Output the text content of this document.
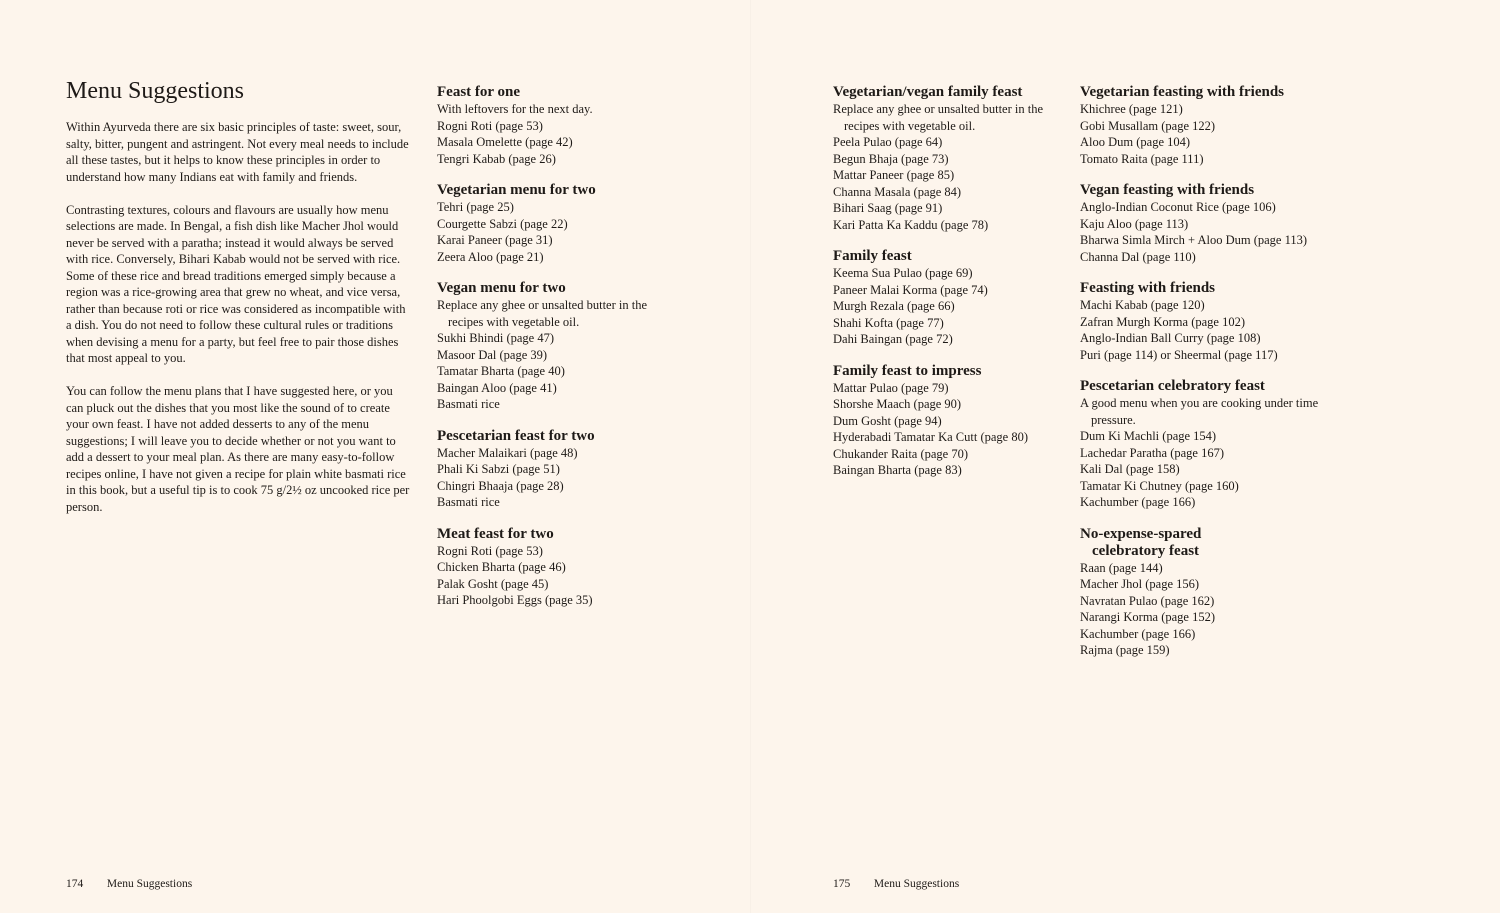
Menu Suggestions

Within Ayurveda there are six basic principles of taste: sweet, sour, salty, bitter, pungent and astringent. Not every meal needs to include all these tastes, but it helps to know these principles in order to understand how many Indians eat with family and friends.

Contrasting textures, colours and flavours are usually how menu selections are made. In Bengal, a fish dish like Macher Jhol would never be served with a paratha; instead it would always be served with rice. Conversely, Bihari Kabab would not be served with rice. Some of these rice and bread traditions emerged simply because a region was a rice-growing area that grew no wheat, and vice versa, rather than because roti or rice was considered as incompatible with a dish. You do not need to follow these cultural rules or traditions when devising a menu for a party, but feel free to pair those dishes that most appeal to you.

You can follow the menu plans that I have suggested here, or you can pluck out the dishes that you most like the sound of to create your own feast. I have not added desserts to any of the menu suggestions; I will leave you to decide whether or not you want to add a dessert to your meal plan. As there are many easy-to-follow recipes online, I have not given a recipe for plain white basmati rice in this book, but a useful tip is to cook 75 g/2½ oz uncooked rice per person.

Feast for one
With leftovers for the next day.
Rogni Roti (page 53)
Masala Omelette (page 42)
Tengri Kabab (page 26)
Vegetarian menu for two
Tehri (page 25)
Courgette Sabzi (page 22)
Karai Paneer (page 31)
Zeera Aloo (page 21)
Vegan menu for two
Replace any ghee or unsalted butter in the recipes with vegetable oil.
Sukhi Bhindi (page 47)
Masoor Dal (page 39)
Tamatar Bharta (page 40)
Baingan Aloo (page 41)
Basmati rice
Pescetarian feast for two
Macher Malaikari (page 48)
Phali Ki Sabzi (page 51)
Chingri Bhaaja (page 28)
Basmati rice
Meat feast for two
Rogni Roti (page 53)
Chicken Bharta (page 46)
Palak Gosht (page 45)
Hari Phoolgobi Eggs (page 35)
Vegetarian/vegan family feast
Replace any ghee or unsalted butter in the recipes with vegetable oil.
Peela Pulao (page 64)
Begun Bhaja (page 73)
Mattar Paneer (page 85)
Channa Masala (page 84)
Bihari Saag (page 91)
Kari Patta Ka Kaddu (page 78)
Family feast
Keema Sua Pulao (page 69)
Paneer Malai Korma (page 74)
Murgh Rezala (page 66)
Shahi Kofta (page 77)
Dahi Baingan (page 72)
Family feast to impress
Mattar Pulao (page 79)
Shorshe Maach (page 90)
Dum Gosht (page 94)
Hyderabadi Tamatar Ka Cutt (page 80)
Chukander Raita (page 70)
Baingan Bharta (page 83)
Vegetarian feasting with friends
Khichree (page 121)
Gobi Musallam (page 122)
Aloo Dum (page 104)
Tomato Raita (page 111)
Vegan feasting with friends
Anglo-Indian Coconut Rice (page 106)
Kaju Aloo (page 113)
Bharwa Simla Mirch + Aloo Dum (page 113)
Channa Dal (page 110)
Feasting with friends
Machi Kabab (page 120)
Zafran Murgh Korma (page 102)
Anglo-Indian Ball Curry (page 108)
Puri (page 114) or Sheermal (page 117)
Pescetarian celebratory feast
A good menu when you are cooking under time pressure.
Dum Ki Machli (page 154)
Lachedar Paratha (page 167)
Kali Dal (page 158)
Tamatar Ki Chutney (page 160)
Kachumber (page 166)
No-expense-spared
celebratory feast
Raan (page 144)
Macher Jhol (page 156)
Navratan Pulao (page 162)
Narangi Korma (page 152)
Kachumber (page 166)
Rajma (page 159)
174 Menu Suggestions	175 Menu Suggestions
